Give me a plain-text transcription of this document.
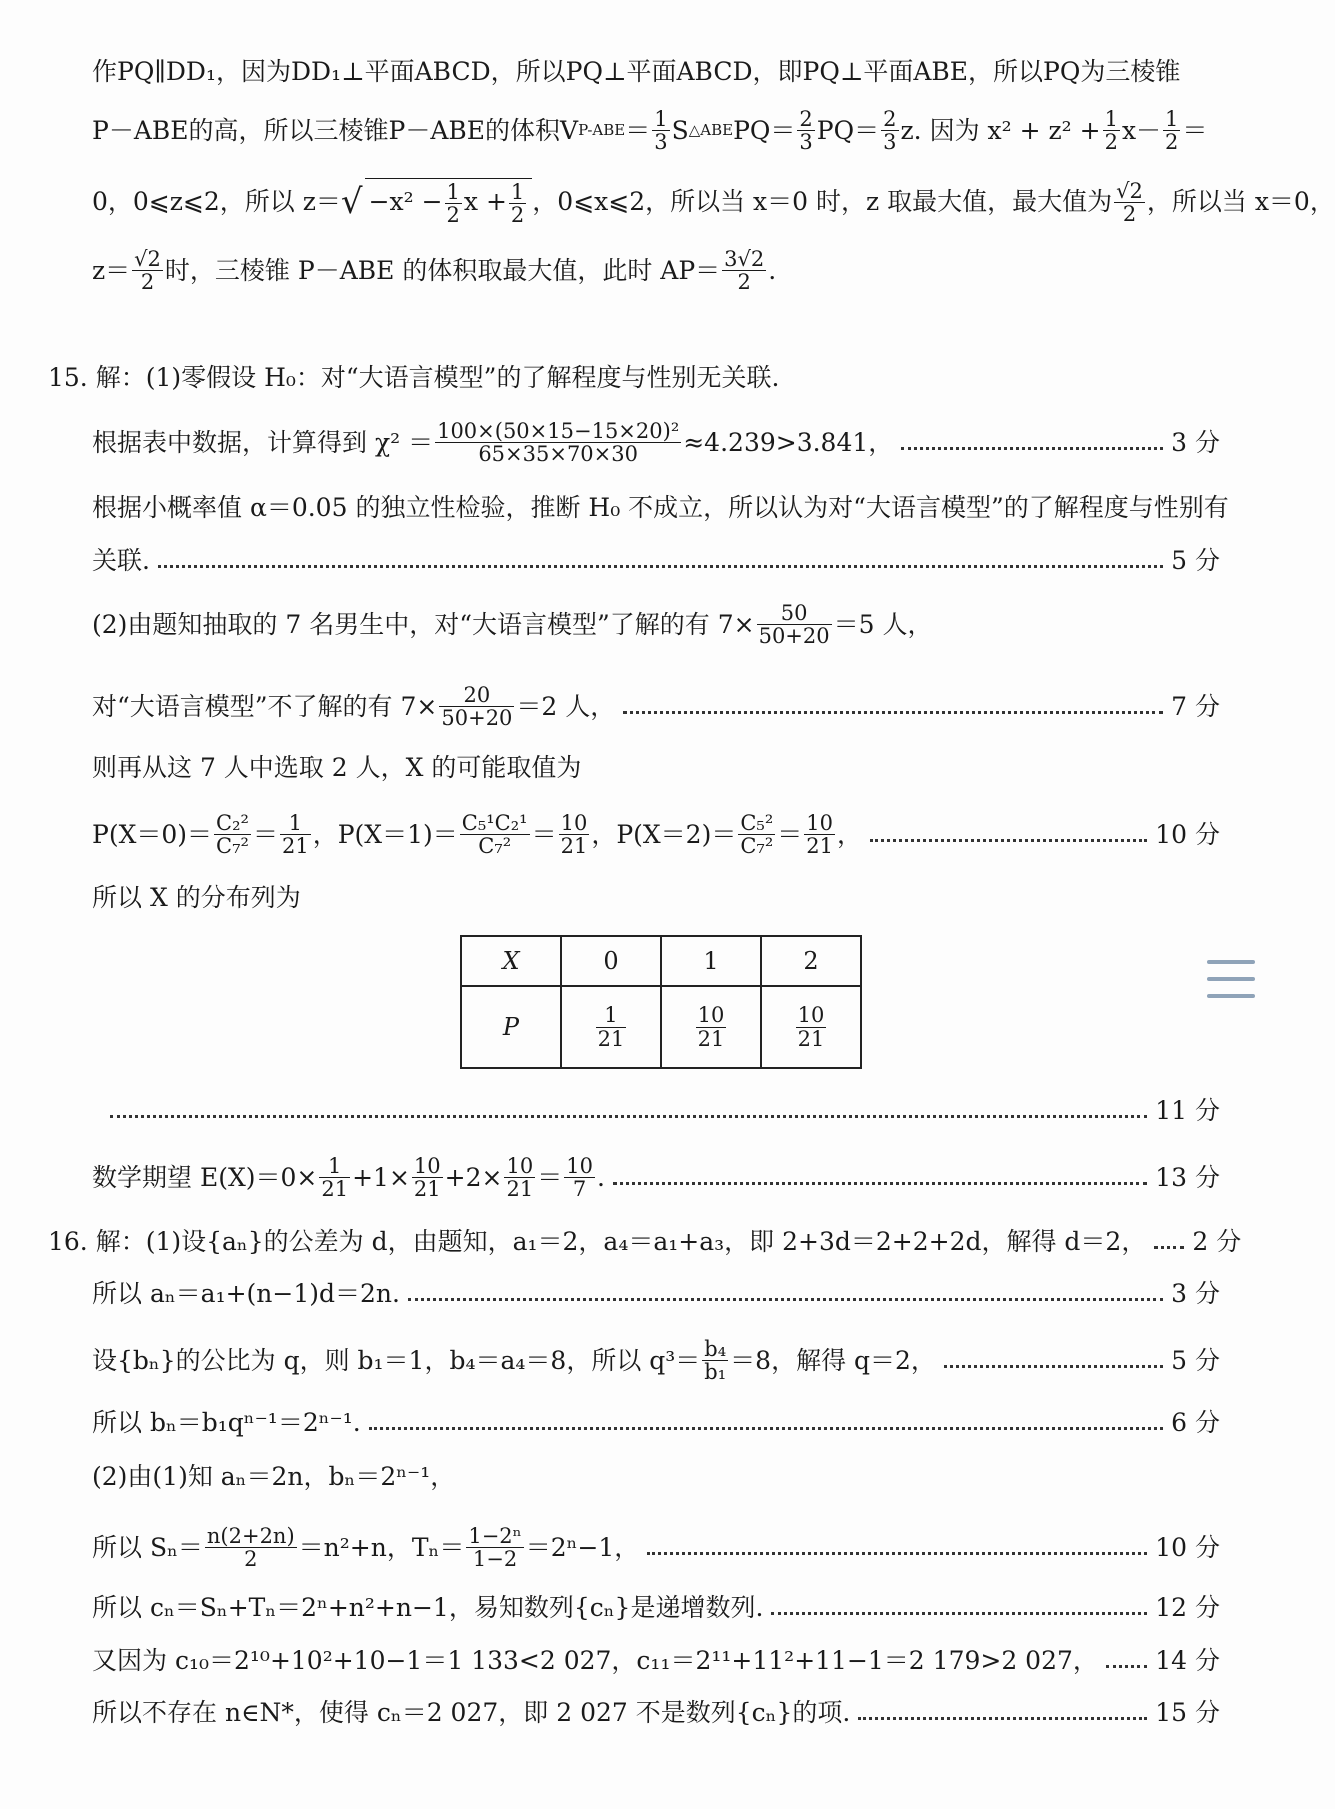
作PQ∥DD₁，因为DD₁⊥平面ABCD，所以PQ⊥平面ABCD，即PQ⊥平面ABE，所以PQ为三棱锥
P－ABE的高，所以三棱锥P－ABE的体积V $P-ABE = \frac{1}{3}$ S △ABE $PQ= \frac{2}{3} PQ= \frac{2}{3} z$. 因为 $x^2 + z^2 + \frac{1}{2} x- \frac{1}{2}$ ＝
0，0⩽z⩽2，所以 z＝ √ $-x^2 - \frac{1}{2}$ $x + \frac{1}{2}$ ，0⩽x⩽2，所以当 x＝0 时，z 取最大值，最大值为 $\frac{√2}{2}$ ，所以当 x＝0，
$z= \frac{√2}{2}$ 时，三棱锥 P－ABE 的体积取最大值，此时 $AP= \frac{3√2}{2}$ .
15. 解：(1)零假设 H₀：对“大语言模型”的了解程度与性别无关联.
根据表中数据，计算得到 $\chi^2 = \frac{\text{100×(50×15−15×20)²}}{65\times 35\times 70\times 30} \approx 4.239>3.841$，	3 分
根据小概率值 α＝0.05 的独立性检验，推断 H₀ 不成立，所以认为对“大语言模型”的了解程度与性别有
关联.	5 分
(2)由题知抽取的 7 名男生中，对“大语言模型”了解的有 $7\times \frac{50}{50+20} =5$ 人，
对“大语言模型”不了解的有 $7\times \frac{20}{50+20} =2$ 人，	7 分
则再从这 7 人中选取 2 人，X 的可能取值为
$P(X=0)= \frac{\text{C₂²}}{\text{C₇²}} = \frac{1}{21}$ ，$P(X=1)= \frac{\text{C₅¹C₂¹}}{\text{C₇²}} = \frac{10}{21}$ ，$P(X=2)= \frac{\text{C₅²}}{\text{C₇²}} = \frac{10}{21}$ ，	10 分
所以 X 的分布列为
X	0	1	2
P	$\frac{1}{21}$	$\frac{10}{21}$	$\frac{10}{21}$
11 分
数学期望 $E(X)=0\times \frac{1}{21} +1\times \frac{10}{21} +2\times \frac{10}{21} = \frac{10}{7}$ .	13 分
16. 解：(1)设{aₙ}的公差为 d，由题知，a₁＝2，a₄＝a₁+a₃，即 2+3d＝2+2+2d，解得 d＝2， 2 分
所以 aₙ＝a₁+(n−1)d＝2n.	3 分
设{bₙ}的公比为 q，则 b₁＝1，b₄＝a₄＝8，所以 $q^3= \frac{\text{b₄}}{\text{b₁}} =8$，解得 q＝2，	5 分
所以 bₙ＝b₁qⁿ⁻¹＝2ⁿ⁻¹.	6 分
(2)由(1)知 aₙ＝2n，bₙ＝2ⁿ⁻¹，
所以 $S_n= \frac{n(2+2n)}{2} =n^2+n$，$T_n= \frac{\text{1−2ⁿ}}{1-2} =2^n-1$，	10 分
所以 cₙ＝Sₙ+Tₙ＝2ⁿ+n²+n−1，易知数列{cₙ}是递增数列.	12 分
又因为 c₁₀＝2¹⁰+10²+10−1＝1 133<2 027，c₁₁＝2¹¹+11²+11−1＝2 179>2 027， 14 分
所以不存在 n∈N*，使得 cₙ＝2 027，即 2 027 不是数列{cₙ}的项.	15 分
